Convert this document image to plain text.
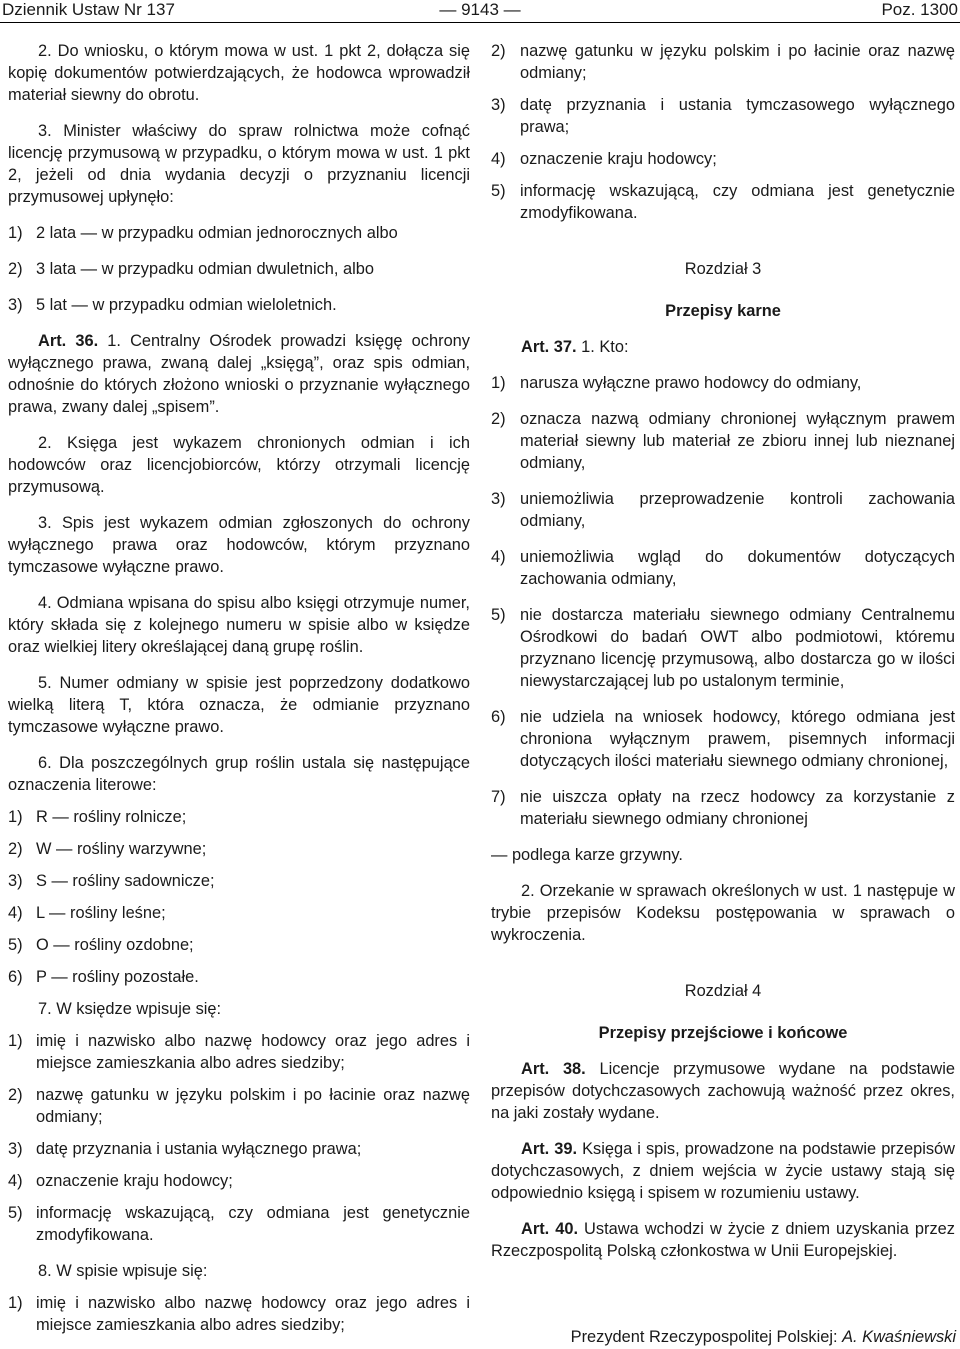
— 9143 —
Dziennik Ustaw Nr 137	Poz. 1300

2. Do wniosku, o którym mowa w ust. 1 pkt 2, dołącza się kopię dokumentów potwierdzających, że hodowca wprowadził materiał siewny do obrotu.

3. Minister właściwy do spraw rolnictwa może cofnąć licencję przymusową w przypadku, o którym mowa w ust. 1 pkt 2, jeżeli od dnia wydania decyzji o przyznaniu licencji przymusowej upłynęło:

1) 2 lata — w przypadku odmian jednorocznych albo
2) 3 lata — w przypadku odmian dwuletnich, albo
3) 5 lat — w przypadku odmian wieloletnich.

Art. 36. 1. Centralny Ośrodek prowadzi księgę ochrony wyłącznego prawa, zwaną dalej „księgą”, oraz spis odmian, odnośnie do których złożono wnioski o przyznanie wyłącznego prawa, zwany dalej „spisem”.

2. Księga jest wykazem chronionych odmian i ich hodowców oraz licencjobiorców, którzy otrzymali licencję przymusową.

3. Spis jest wykazem odmian zgłoszonych do ochrony wyłącznego prawa oraz hodowców, którym przyznano tymczasowe wyłączne prawo.

4. Odmiana wpisana do spisu albo księgi otrzymuje numer, który składa się z kolejnego numeru w spisie albo w księdze oraz wielkiej litery określającej daną grupę roślin.

5. Numer odmiany w spisie jest poprzedzony dodatkowo wielką literą T, która oznacza, że odmianie przyznano tymczasowe wyłączne prawo.

6. Dla poszczególnych grup roślin ustala się następujące oznaczenia literowe:

1) R — rośliny rolnicze;
2) W — rośliny warzywne;
3) S — rośliny sadownicze;
4) L — rośliny leśne;
5) O — rośliny ozdobne;
6) P — rośliny pozostałe.

7. W księdze wpisuje się:

1) imię i nazwisko albo nazwę hodowcy oraz jego adres i miejsce zamieszkania albo adres siedziby;
2) nazwę gatunku w języku polskim i po łacinie oraz nazwę odmiany;
3) datę przyznania i ustania wyłącznego prawa;
4) oznaczenie kraju hodowcy;
5) informację wskazującą, czy odmiana jest genetycznie zmodyfikowana.

8. W spisie wpisuje się:

1) imię i nazwisko albo nazwę hodowcy oraz jego adres i miejsce zamieszkania albo adres siedziby;
2) nazwę gatunku w języku polskim i po łacinie oraz nazwę odmiany;
3) datę przyznania i ustania tymczasowego wyłącznego prawa;
4) oznaczenie kraju hodowcy;
5) informację wskazującą, czy odmiana jest genetycznie zmodyfikowana.

Rozdział 3

Przepisy karne

Art. 37. 1. Kto:

1) narusza wyłączne prawo hodowcy do odmiany,
2) oznacza nazwą odmiany chronionej wyłącznym prawem materiał siewny lub materiał ze zbioru innej lub nieznanej odmiany,
3) uniemożliwia przeprowadzenie kontroli zachowania odmiany,
4) uniemożliwia wgląd do dokumentów dotyczących zachowania odmiany,
5) nie dostarcza materiału siewnego odmiany Centralnemu Ośrodkowi do badań OWT albo podmiotowi, któremu przyznano licencję przymusową, albo dostarcza go w ilości niewystarczającej lub po ustalonym terminie,
6) nie udziela na wniosek hodowcy, którego odmiana jest chroniona wyłącznym prawem, pisemnych informacji dotyczących ilości materiału siewnego odmiany chronionej,
7) nie uiszcza opłaty na rzecz hodowcy za korzystanie z materiału siewnego odmiany chronionej

— podlega karze grzywny.

2. Orzekanie w sprawach określonych w ust. 1 następuje w trybie przepisów Kodeksu postępowania w sprawach o wykroczenia.

Rozdział 4

Przepisy przejściowe i końcowe

Art. 38. Licencje przymusowe wydane na podstawie przepisów dotychczasowych zachowują ważność przez okres, na jaki zostały wydane.

Art. 39. Księga i spis, prowadzone na podstawie przepisów dotychczasowych, z dniem wejścia w życie ustawy stają się odpowiednio księgą i spisem w rozumieniu ustawy.

Art. 40. Ustawa wchodzi w życie z dniem uzyskania przez Rzeczpospolitą Polską członkostwa w Unii Europejskiej.

Prezydent Rzeczypospolitej Polskiej: A. Kwaśniewski
